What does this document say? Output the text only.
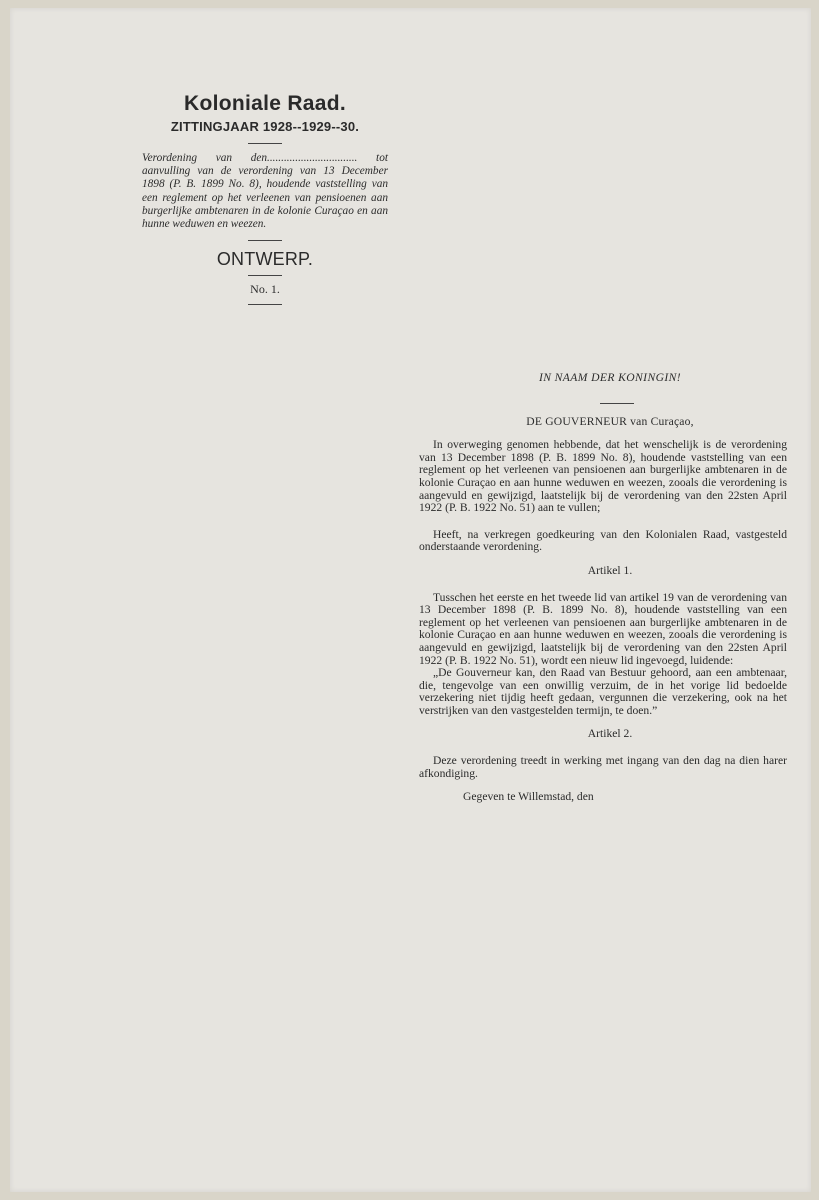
Koloniale Raad.
ZITTINGJAAR 1928--1929--30.

Verordening van den................................ tot aanvulling van de verordening van 13 December 1898 (P. B. 1899 No. 8), houdende vaststelling van een reglement op het verleenen van pensioenen aan burgerlijke ambtenaren in de kolonie Curaçao en aan hunne weduwen en weezen.

ONTWERP.
No. 1.
IN NAAM DER KONINGIN!
DE GOUVERNEUR van Curaçao,

In overweging genomen hebbende, dat het wenschelijk is de verordening van 13 December 1898 (P. B. 1899 No. 8), houdende vaststelling van een reglement op het verleenen van pensioenen aan burgerlijke ambtenaren in de kolonie Curaçao en aan hunne weduwen en weezen, zooals die verordening is aangevuld en gewijzigd, laatstelijk bij de verordening van den 22sten April 1922 (P. B. 1922 No. 51) aan te vullen;

Heeft, na verkregen goedkeuring van den Kolonialen Raad, vastgesteld onderstaande verordening.

Artikel 1.

Tusschen het eerste en het tweede lid van artikel 19 van de verordening van 13 December 1898 (P. B. 1899 No. 8), houdende vaststelling van een reglement op het verleenen van pensioenen aan burgerlijke ambtenaren in de kolonie Curaçao en aan hunne weduwen en weezen, zooals die verordening is aangevuld en gewijzigd, laatstelijk bij de verordening van den 22sten April 1922 (P. B. 1922 No. 51), wordt een nieuw lid ingevoegd, luidende:

„De Gouverneur kan, den Raad van Bestuur gehoord, aan een ambtenaar, die, tengevolge van een onwillig verzuim, de in het vorige lid bedoelde verzekering niet tijdig heeft gedaan, vergunnen die verzekering, ook na het verstrijken van den vastgestelden termijn, te doen.”

Artikel 2.

Deze verordening treedt in werking met ingang van den dag na dien harer afkondiging.

Gegeven te Willemstad, den
